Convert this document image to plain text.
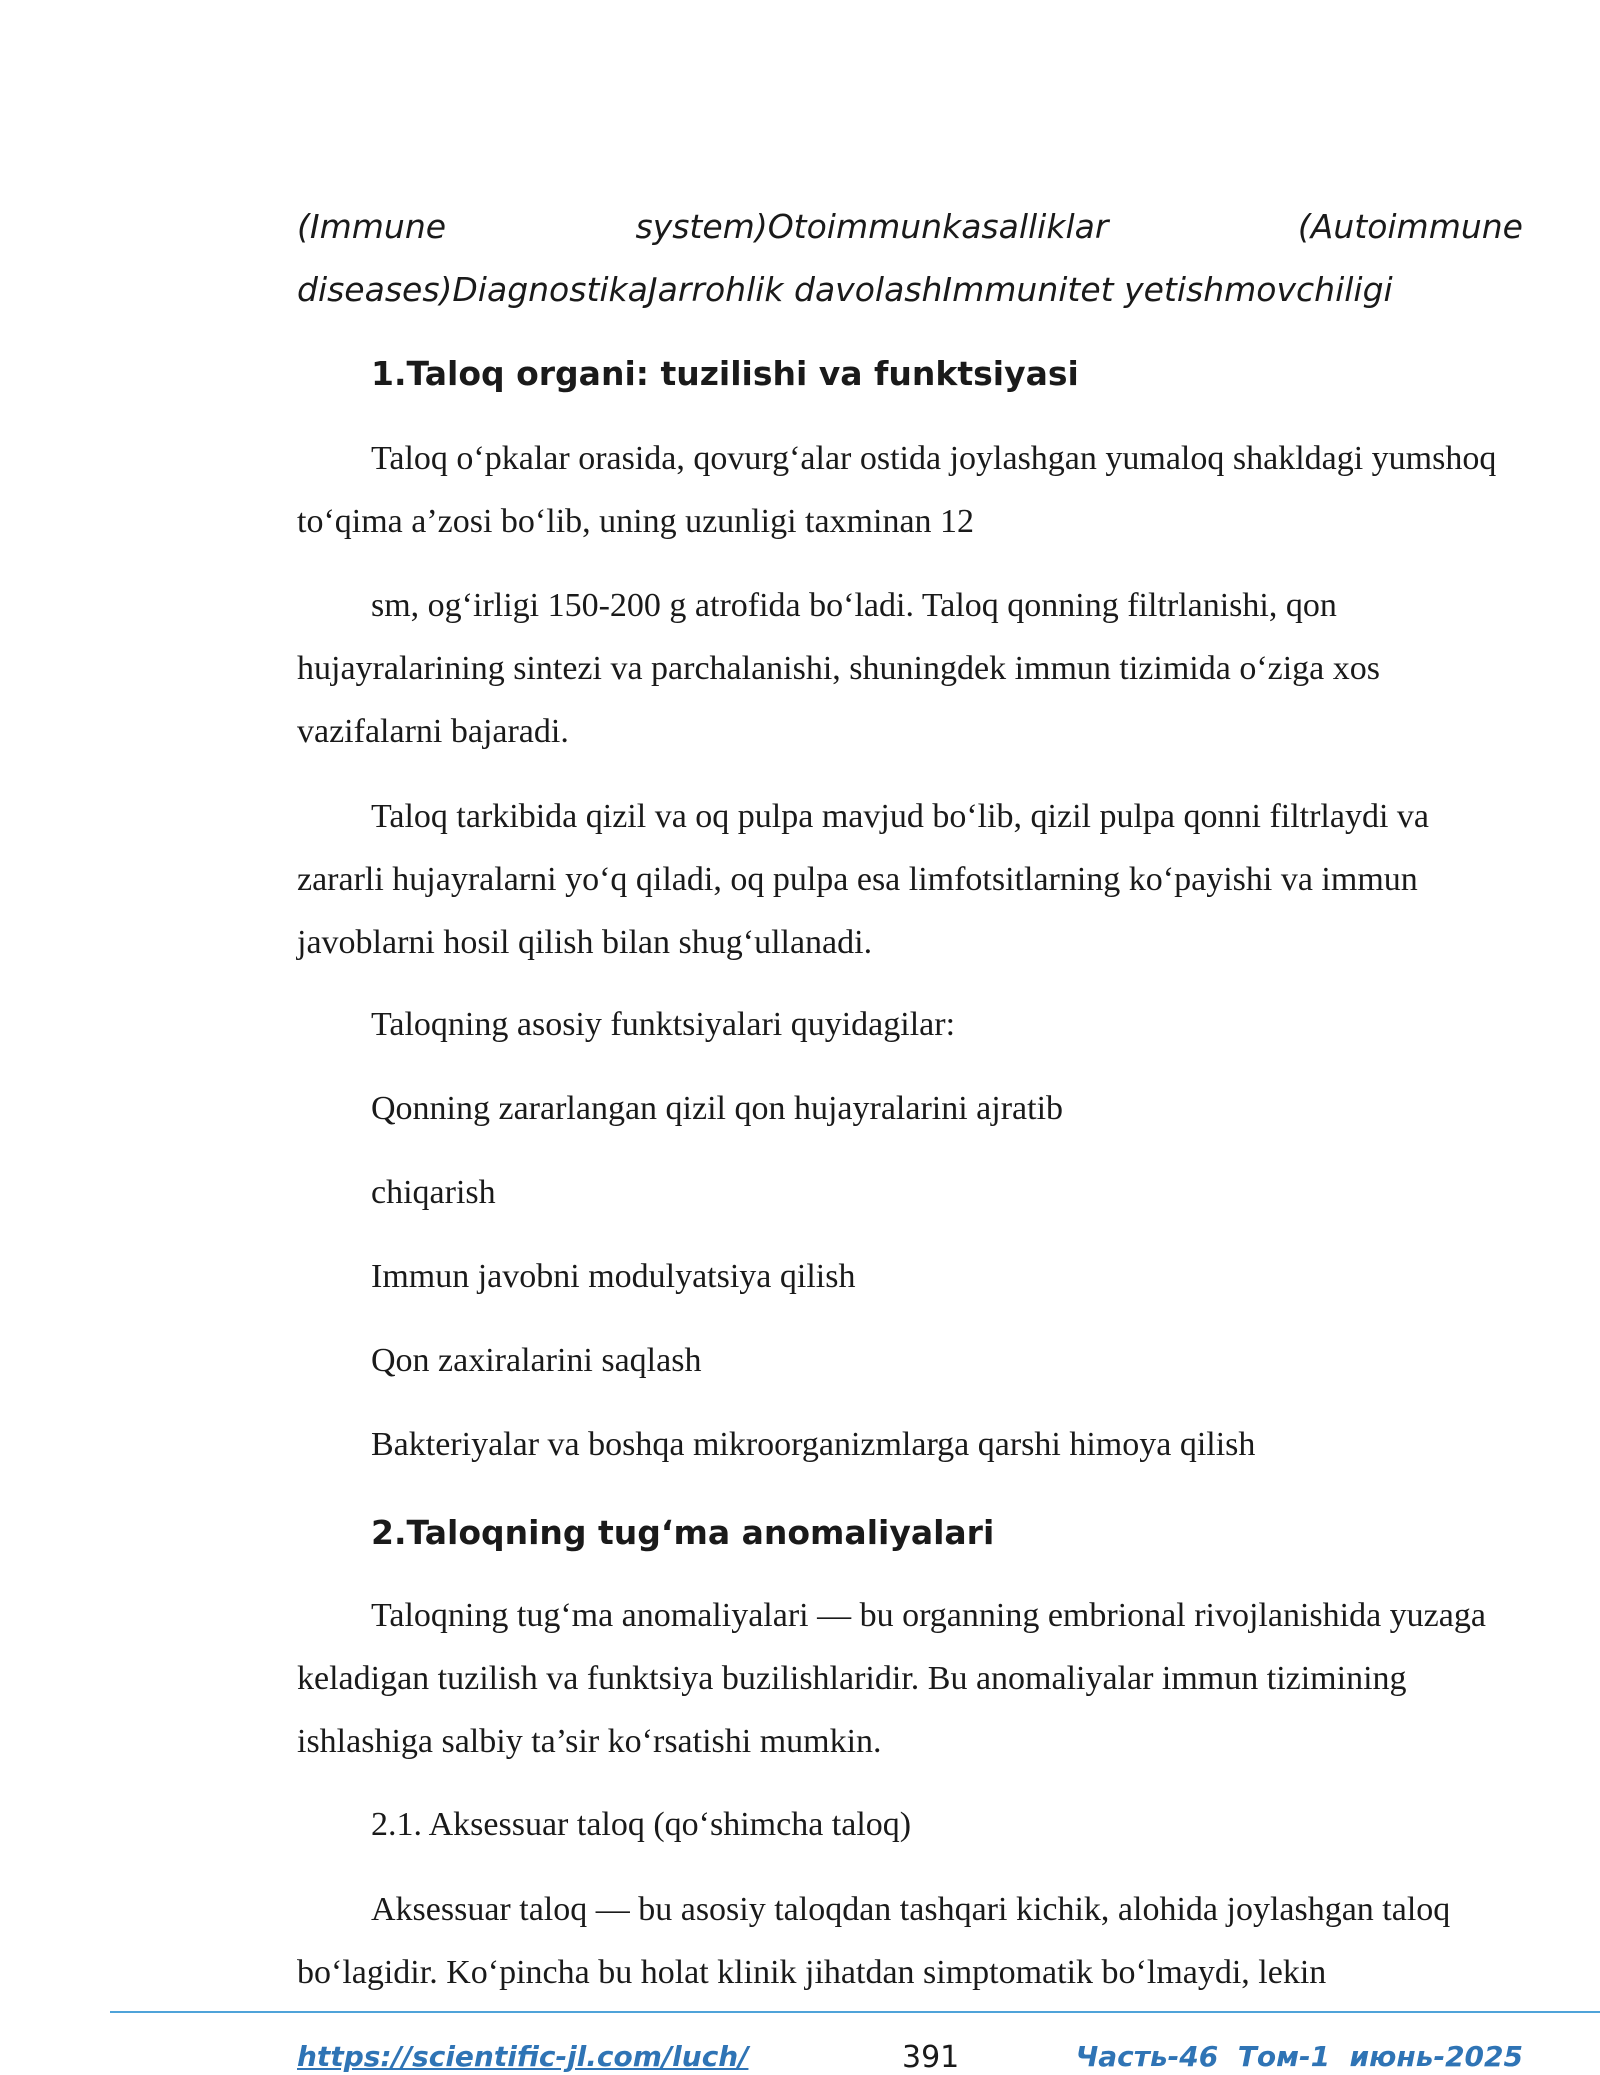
(Immune	system)Otoimmunkasalliklar	(Autoimmune
diseases)DiagnostikaJarrohlik davolashImmunitet yetishmovchiligi
1.Taloq organi: tuzilishi va funktsiyasi

Taloq o‘pkalar orasida, qovurg‘alar ostida joylashgan yumaloq shakldagi yumshoq to‘qima a’zosi bo‘lib, uning uzunligi taxminan 12

sm, og‘irligi 150-200 g atrofida bo‘ladi. Taloq qonning filtrlanishi, qon hujayralarining sintezi va parchalanishi, shuningdek immun tizimida o‘ziga xos vazifalarni bajaradi.

Taloq tarkibida qizil va oq pulpa mavjud bo‘lib, qizil pulpa qonni filtrlaydi va zararli hujayralarni yo‘q qiladi, oq pulpa esa limfotsitlarning ko‘payishi va immun javoblarni hosil qilish bilan shug‘ullanadi.

Taloqning asosiy funktsiyalari quyidagilar:
Qonning zararlangan qizil qon hujayralarini ajratib
chiqarish
Immun javobni modulyatsiya qilish
Qon zaxiralarini saqlash
Bakteriyalar va boshqa mikroorganizmlarga qarshi himoya qilish
2.Taloqning tug‘ma anomaliyalari

Taloqning tug‘ma anomaliyalari — bu organning embrional rivojlanishida yuzaga keladigan tuzilish va funktsiya buzilishlaridir. Bu anomaliyalar immun tizimining ishlashiga salbiy ta’sir ko‘rsatishi mumkin.

2.1. Aksessuar taloq (qo‘shimcha taloq)

Aksessuar taloq — bu asosiy taloqdan tashqari kichik, alohida joylashgan taloq bo‘lagidir. Ko‘pincha bu holat klinik jihatdan simptomatik bo‘lmaydi, lekin

https://scientific-jl.com/luch/	391	Часть-46  Том-1  июнь-2025
